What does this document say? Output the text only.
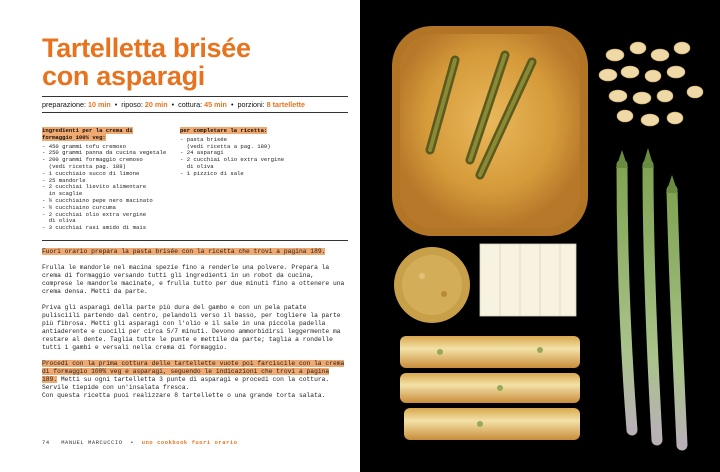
Tartelletta brisée
con asparagi
preparazione: 10 min • riposo: 20 min • cottura: 45 min • porzioni: 8 tartellette
ingredienti per la crema di
formaggio 100% veg:
- 450 grammi tofu cremoso
- 250 grammi panna da cucina vegetale
- 200 grammi formaggio cremoso
(vedi ricetta pag. 188)
- 1 cucchiaio succo di limone
- 25 mandorle
- 2 cucchiai lievito alimentare
in scaglie
- ½ cucchiaino pepe nero macinato
- ½ cucchiaino curcuma
- 2 cucchiai olio extra vergine
di oliva
- 3 cucchiai rasi amido di mais
per completare la ricetta:
- pasta brisée
(vedi ricetta a pag. 189)
- 24 asparagi
- 2 cucchiai olio extra vergine
di oliva
- 1 pizzico di sale

Fuori orario prepara la pasta brisée con la ricetta che trovi a pagina 189.

Frulla le mandorle nel macina spezie fino a renderle una polvere. Prepara la crema di formaggio versando tutti gli ingredienti in un robot da cucina, comprese le mandorle macinate, e frulla tutto per due minuti fino a ottenere una crema densa. Metti da parte.

Priva gli asparagi della parte più dura del gambo e con un pela patate pulisciili partendo dal centro, pelandoli verso il basso, per togliere la parte più fibrosa. Metti gli asparagi con l'olio e il sale in una piccola padella antiaderente e cuocili per circa 5/7 minuti. Devono ammorbidirsi leggermente ma restare al dente. Taglia tutte le punte e mettile da parte; taglia a rondelle tutti i gambi e versali nella crema di formaggio.

Procedi con la prima cottura delle tartellette vuote poi farciscile con la crema di formaggio 100% veg e asparagi, seguendo le indicazioni che trovi a pagina 189. Metti su ogni tartelletta 3 punte di asparagi e procedi con la cottura. Servile tiepide con un'insalata fresca.
Con questa ricetta puoi realizzare 8 tartellette o una grande torta salata.

74 MANUEL MARCUCCIO • uno cookbook fuori orario
